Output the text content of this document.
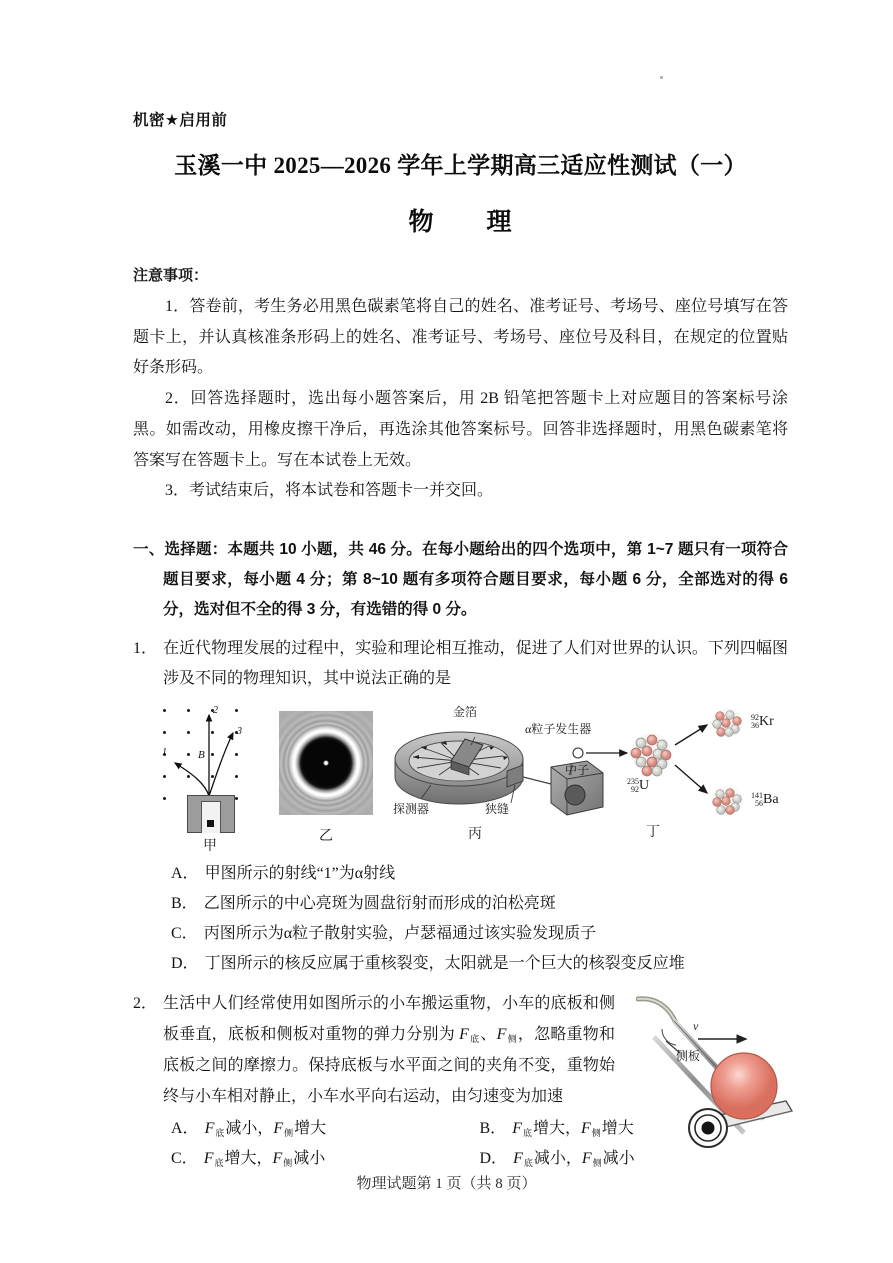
机密★启用前
玉溪一中 2025—2026 学年上学期高三适应性测试（一）
物　　理
注意事项：

1．答卷前，考生务必用黑色碳素笔将自己的姓名、准考证号、考场号、座位号填写在答题卡上，并认真核准条形码上的姓名、准考证号、考场号、座位号及科目，在规定的位置贴好条形码。

2．回答选择题时，选出每小题答案后，用 2B 铅笔把答题卡上对应题目的答案标号涂黑。如需改动，用橡皮擦干净后，再选涂其他答案标号。回答非选择题时，用黑色碳素笔将答案写在答题卡上。写在本试卷上无效。

3．考试结束后，将本试卷和答题卡一并交回。

一、选择题：本题共 10 小题，共 46 分。在每小题给出的四个选项中，第 1~7 题只有一项符合题目要求，每小题 4 分；第 8~10 题有多项符合题目要求，每小题 6 分，全部选对的得 6 分，选对但不全的得 3 分，有选错的得 0 分。
1． 在近代物理发展的过程中，实验和理论相互推动，促进了人们对世界的认识。下列四幅图涉及不同的物理知识，其中说法正确的是
1
2
3
B
甲
乙
金箔
探测器	狭缝
α粒子发生器
丙
中子
235
92 U
92
36 Kr
141
56 Ba
丁
A． 甲图所示的射线“1”为α射线
B． 乙图所示的中心亮斑为圆盘衍射而形成的泊松亮斑
C． 丙图所示为α粒子散射实验，卢瑟福通过该实验发现质子
D． 丁图所示的核反应属于重核裂变，太阳就是一个巨大的核裂变反应堆
2． 生活中人们经常使用如图所示的小车搬运重物，小车的底板和侧板垂直，底板和侧板对重物的弹力分别为 $F_底$、$F_侧$，忽略重物和底板之间的摩擦力。保持底板与水平面之间的夹角不变，重物始终与小车相对静止，小车水平向右运动，由匀速变为加速
v
侧板
A． $F_底$减小，$F_侧$增大	B． $F_底$增大，$F_侧$增大
C． $F_底$增大，$F_侧$减小	D． $F_底$减小，$F_侧$减小
物理试题第 1 页（共 8 页）
